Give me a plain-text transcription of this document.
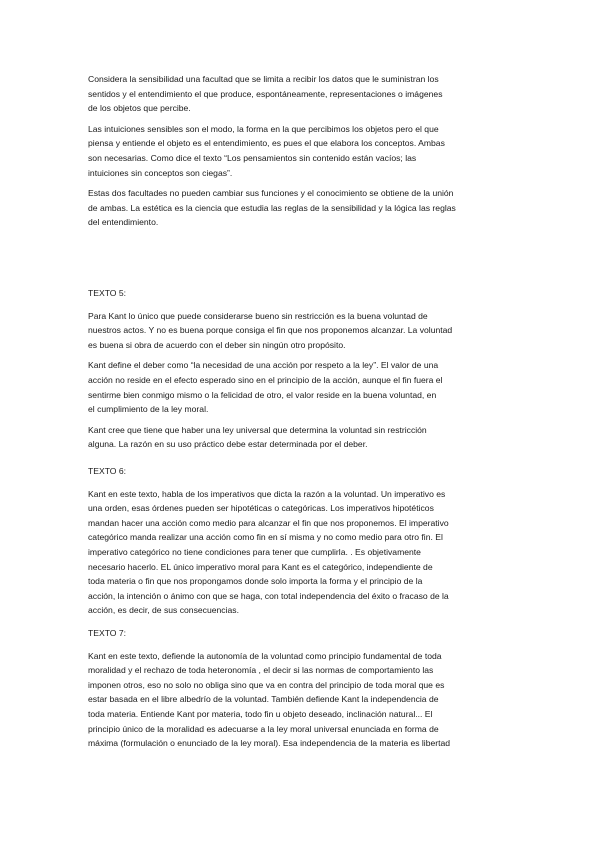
Considera la sensibilidad una facultad que se limita a recibir los datos que le suministran los
sentidos y el entendimiento el que produce, espontáneamente, representaciones o imágenes
de los objetos que percibe.

Las intuiciones sensibles son el modo, la forma en la que percibimos los objetos pero el que
piensa y entiende el objeto es el entendimiento, es pues el que elabora los conceptos. Ambas
son necesarias. Como dice el texto “Los pensamientos sin contenido están vacíos; las
intuiciones sin conceptos son ciegas”.

Estas dos facultades no pueden cambiar sus funciones y el conocimiento se obtiene de la unión
de ambas. La estética es la ciencia que estudia las reglas de la sensibilidad y la lógica las reglas
del entendimiento.

TEXTO 5:

Para Kant lo único que puede considerarse bueno sin restricción es la buena voluntad de
nuestros actos. Y no es buena porque consiga el fin que nos proponemos alcanzar. La voluntad
es buena si obra de acuerdo con el deber sin ningún otro propósito.

Kant define el deber como “la necesidad de una acción por respeto a la ley”. El valor de una
acción no reside en el efecto esperado sino en el principio de la acción, aunque el fin fuera el
sentirme bien conmigo mismo o la felicidad de otro, el valor reside en la buena voluntad, en
el cumplimiento de la ley moral.

Kant cree que tiene que haber una ley universal que determina la voluntad sin restricción
alguna. La razón en su uso práctico debe estar determinada por el deber.

TEXTO 6:

Kant en este texto, habla de los imperativos que dicta la razón a la voluntad. Un imperativo es
una orden, esas órdenes pueden ser hipotéticas o categóricas. Los imperativos hipotéticos
mandan hacer una acción como medio para alcanzar el fin que nos proponemos. El imperativo
categórico manda realizar una acción como fin en sí misma y no como medio para otro fin. El
imperativo categórico no tiene condiciones para tener que cumplirla. . Es objetivamente
necesario hacerlo. EL único imperativo moral para Kant es el categórico, independiente de
toda materia o fin que nos propongamos donde solo importa la forma y el principio de la
acción, la intención o ánimo con que se haga, con total independencia del éxito o fracaso de la
acción, es decir, de sus consecuencias.

TEXTO 7:

Kant en este texto, defiende la autonomía de la voluntad como principio fundamental de toda
moralidad y el rechazo de toda heteronomía , el decir si las normas de comportamiento las
imponen otros, eso no solo no obliga sino que va en contra del principio de toda moral que es
estar basada en el libre albedrío de la voluntad. También defiende Kant la independencia de
toda materia. Entiende Kant por materia, todo fin u objeto deseado, inclinación natural... El
principio único de la moralidad es adecuarse a la ley moral universal enunciada en forma de
máxima (formulación o enunciado de la ley moral). Esa independencia de la materia es libertad
